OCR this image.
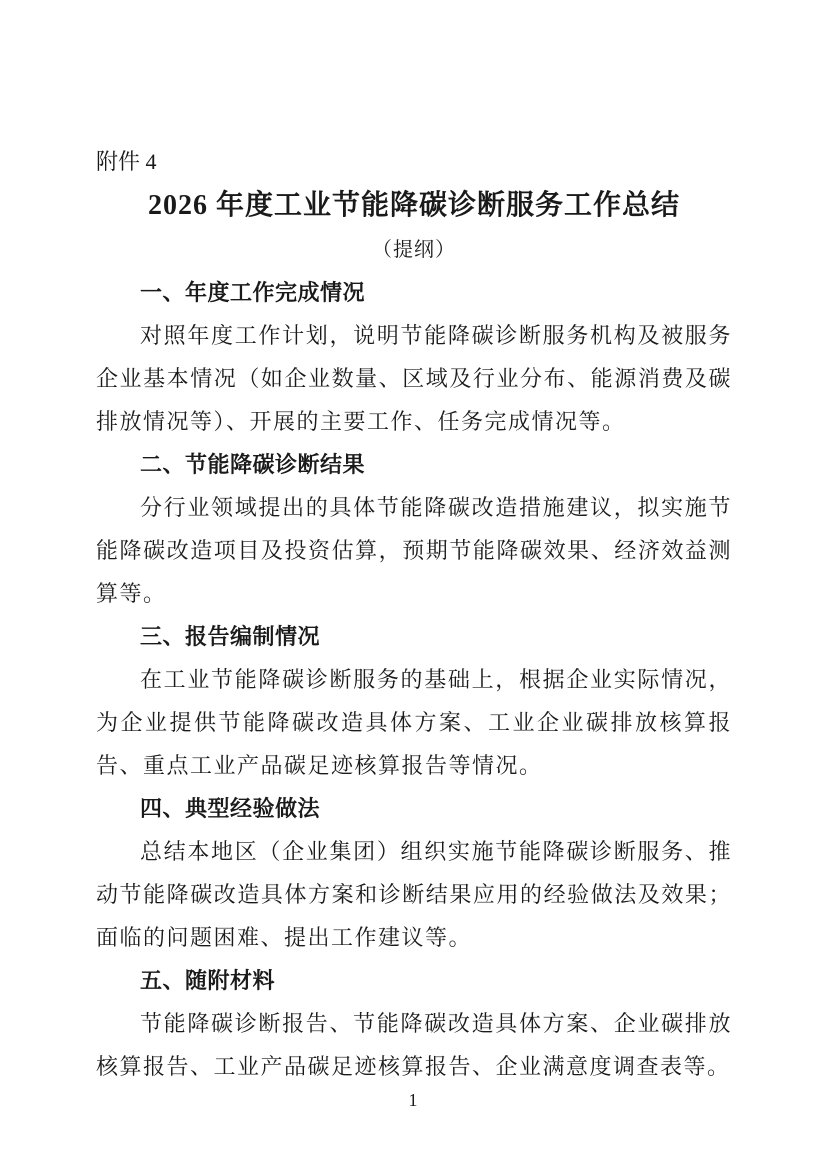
附件 4
2026 年度工业节能降碳诊断服务工作总结
（提纲）
一、年度工作完成情况

对照年度工作计划，说明节能降碳诊断服务机构及被服务企业基本情况（如企业数量、区域及行业分布、能源消费及碳排放情况等）、开展的主要工作、任务完成情况等。

二、节能降碳诊断结果

分行业领域提出的具体节能降碳改造措施建议，拟实施节能降碳改造项目及投资估算，预期节能降碳效果、经济效益测算等。

三、报告编制情况

在工业节能降碳诊断服务的基础上，根据企业实际情况，为企业提供节能降碳改造具体方案、工业企业碳排放核算报告、重点工业产品碳足迹核算报告等情况。

四、典型经验做法

总结本地区（企业集团）组织实施节能降碳诊断服务、推动节能降碳改造具体方案和诊断结果应用的经验做法及效果；面临的问题困难、提出工作建议等。

五、随附材料

节能降碳诊断报告、节能降碳改造具体方案、企业碳排放核算报告、工业产品碳足迹核算报告、企业满意度调查表等。

1
